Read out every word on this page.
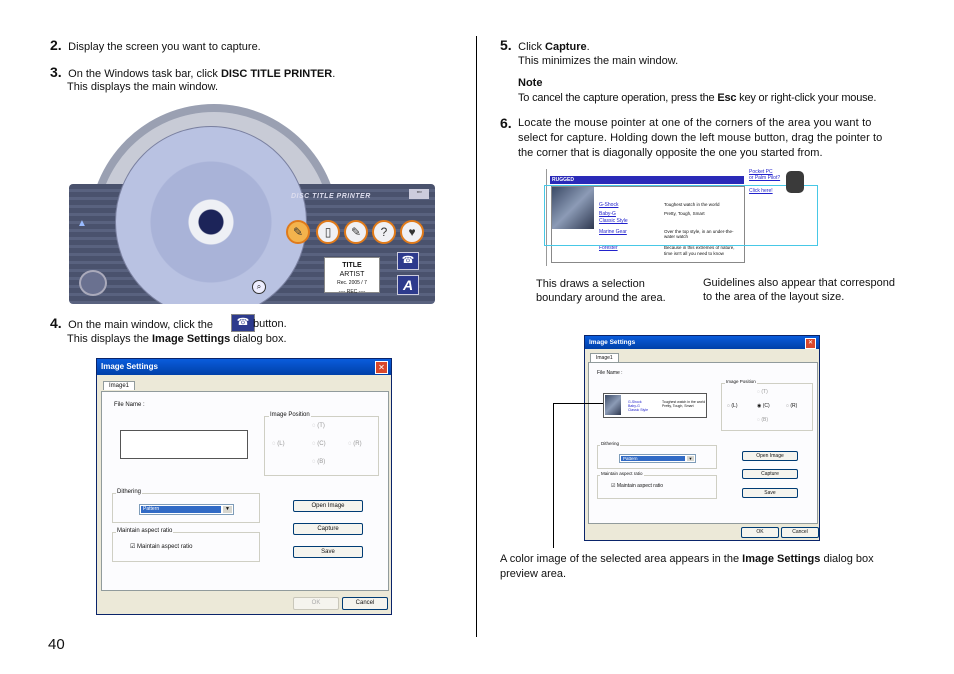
2. Display the screen you want to capture.
3. On the Windows task bar, click DISC TITLE PRINTER.
This displays the main window.
DISC TITLE PRINTER
✎	▯	✎	?	♥
TITLE
ARTIST
Rec. 2005 / 7
---- REC ----
☎
A
⌕
▲
▫▫
4. On the main window, click the	☎ button.
This displays the Image Settings dialog box.
Image Settings	✕
Image1
File Name :
Image Position
◌ (T)
◌ (L)	◌ (C)	◌ (R)
◌ (B)
Dithering
Pattern	▼
Maintain aspect ratio
☑ Maintain aspect ratio
Open Image
Capture
Save
OK	Cancel
40
5. Click Capture.
This minimizes the main window.
Note
To cancel the capture operation, press the Esc key or right-click your mouse.
6. Locate the mouse pointer at one of the corners of the area you want to
select for capture. Holding down the left mouse button, drag the pointer to
the corner that is diagonally opposite the one you started from.
RUGGED
G-Shock
Baby-G
Classic Style
Marine Gear
Forester
Toughest watch in the world
Pretty, Tough, Smart
Over the top style, in an under-the-water watch
Because in this extremes of nature, time isn't all you need to know
Pocket PC
or Palm Pilot?
Click here!
This draws a selection
boundary around the area.
Guidelines also appear that correspond
to the area of the layout size.
Image Settings	✕
Image1
File Name :
G-Shock
Baby-G
Classic Style
Toughest watch in the world
Pretty, Tough, Smart
Image Position
◌ (T)
◌ (L)	◉ (C)	◌ (R)
◌ (B)
Dithering
Pattern	▼
Maintain aspect ratio
☑ Maintain aspect ratio
Open Image
Capture
Save
OK	Cancel
A color image of the selected area appears in the Image Settings dialog box
preview area.
